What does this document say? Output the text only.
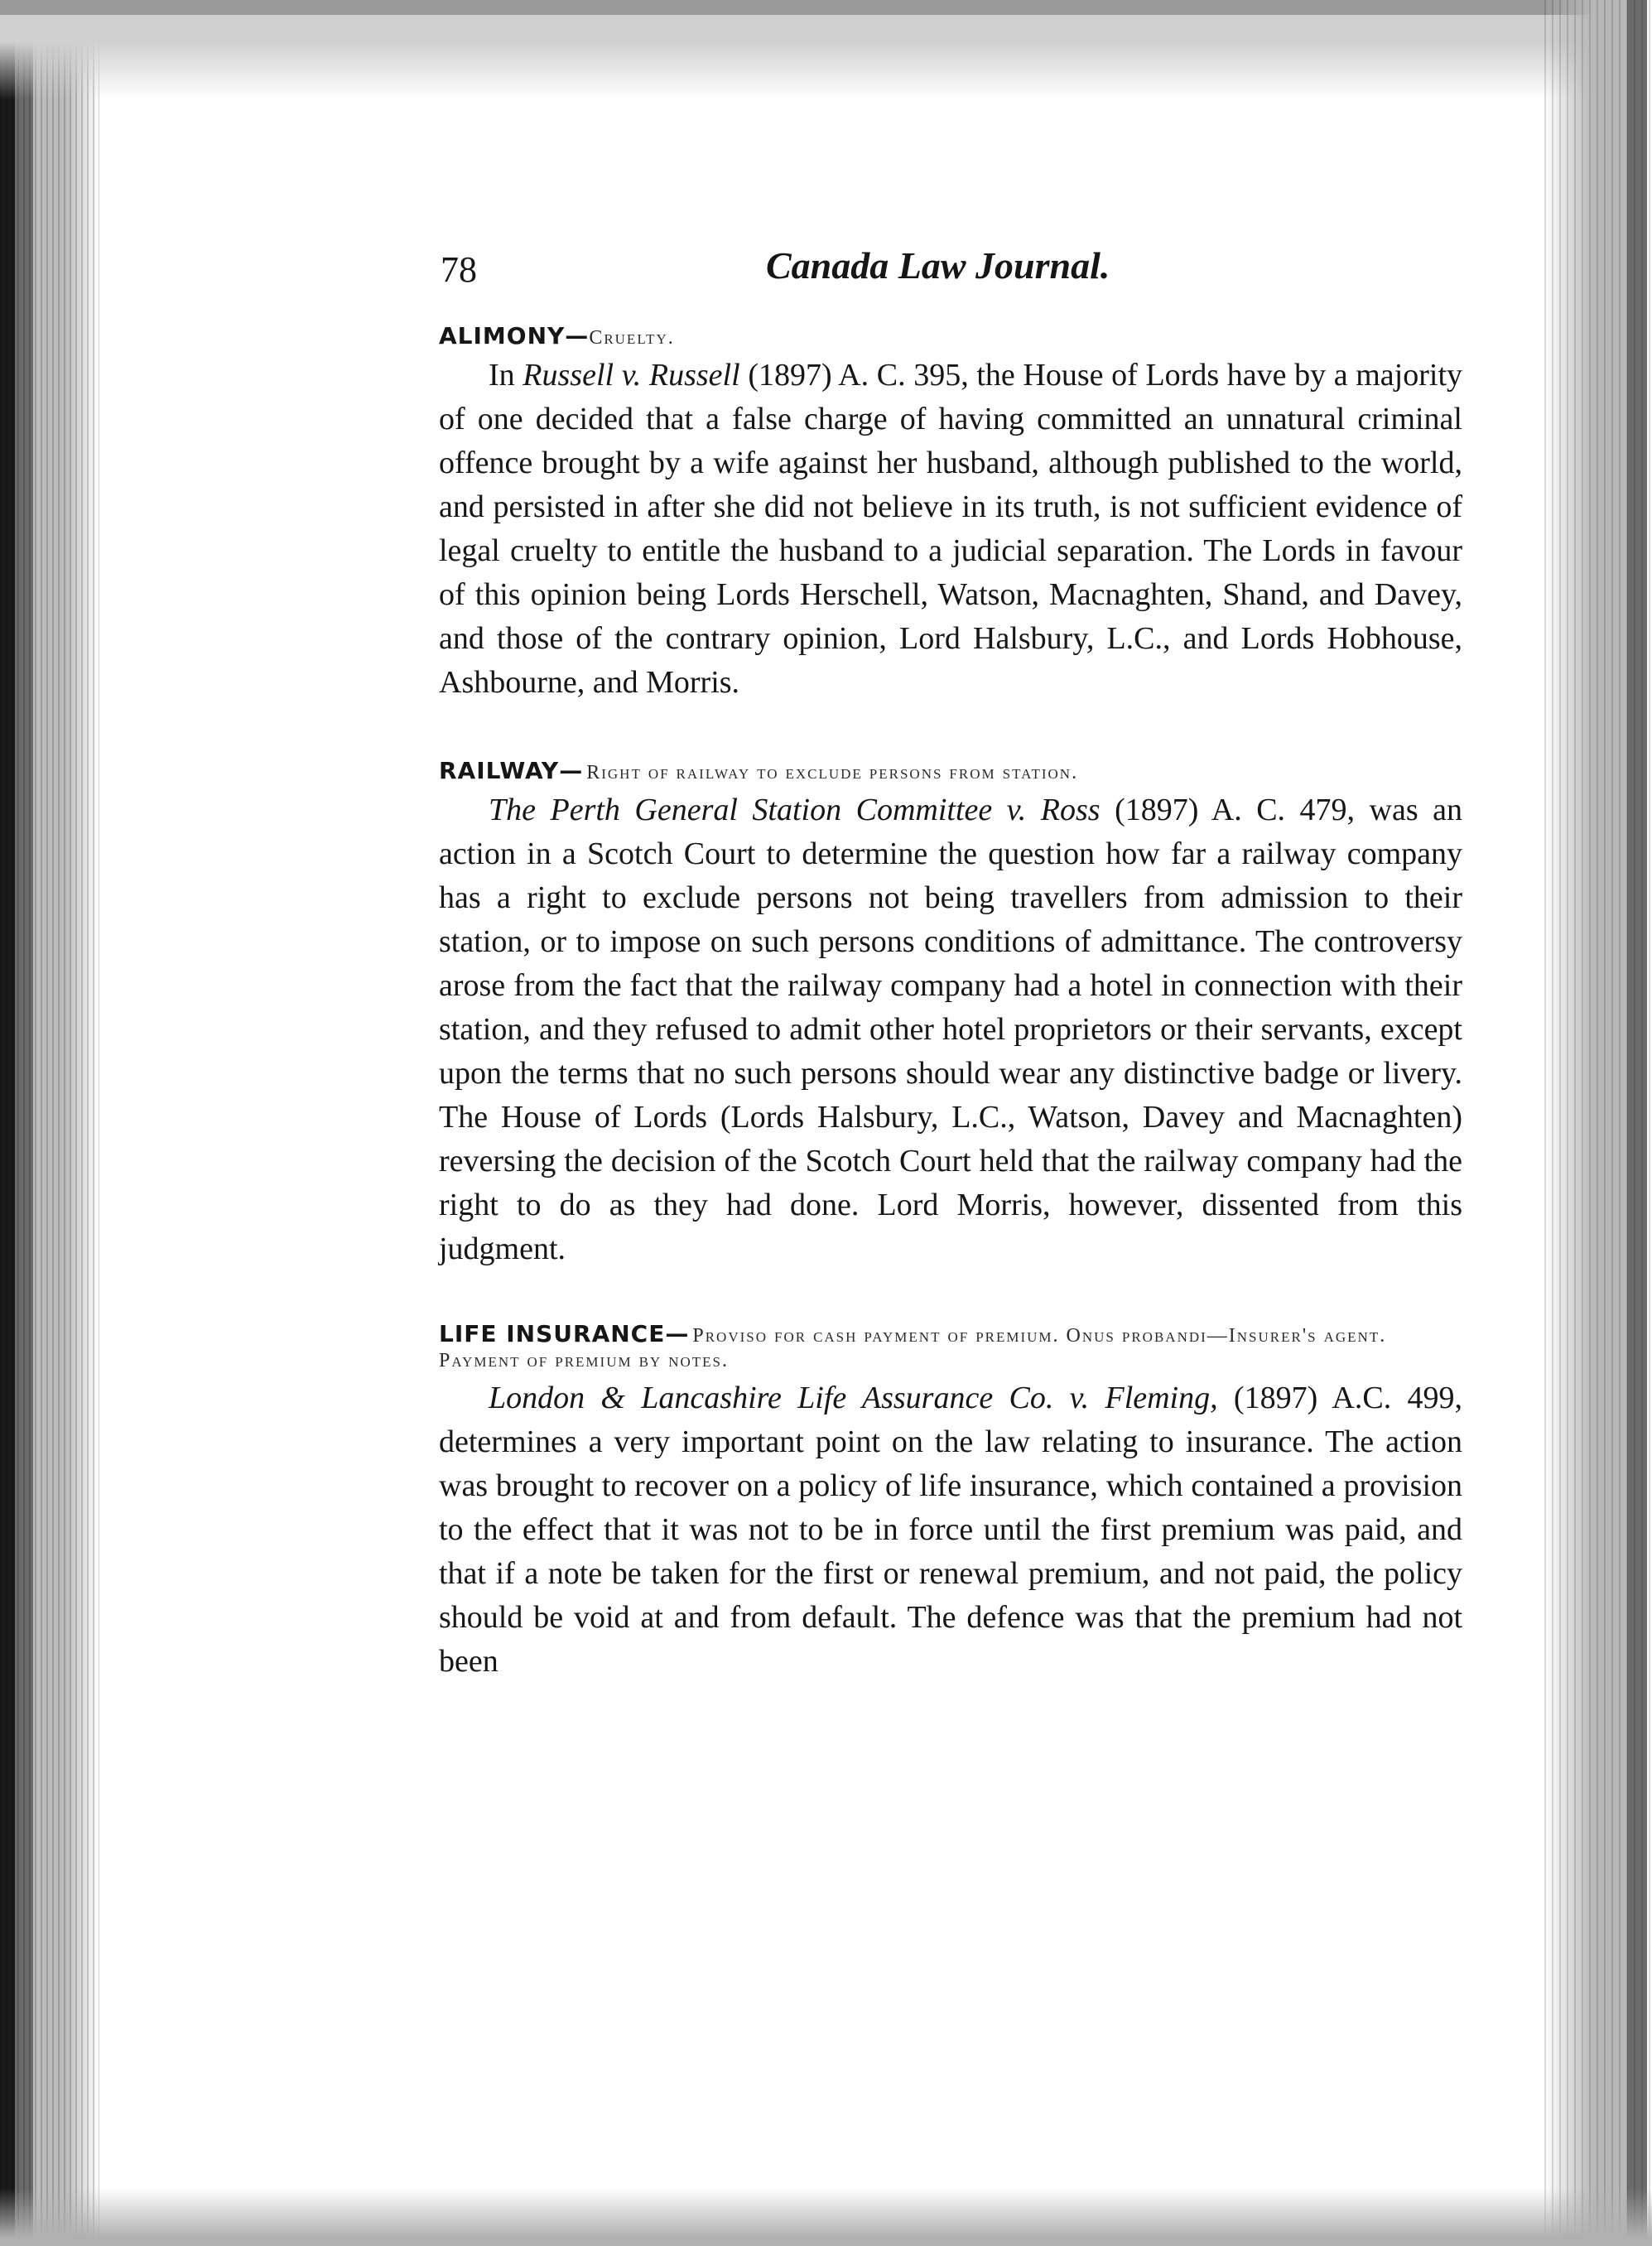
78	Canada Law Journal.
ALIMONY—Cruelty.

In Russell v. Russell (1897) A. C. 395, the House of Lords have by a majority of one decided that a false charge of having committed an unnatural criminal offence brought by a wife against her husband, although published to the world, and persisted in after she did not believe in its truth, is not sufficient evidence of legal cruelty to entitle the husband to a judicial separation. The Lords in favour of this opinion being Lords Herschell, Watson, Macnaghten, Shand, and Davey, and those of the contrary opinion, Lord Halsbury, L.C., and Lords Hobhouse, Ashbourne, and Morris.

RAILWAY— Right of railway to exclude persons from station.

The Perth General Station Committee v. Ross (1897) A. C. 479, was an action in a Scotch Court to determine the question how far a railway company has a right to exclude persons not being travellers from admission to their station, or to impose on such persons conditions of admittance. The controversy arose from the fact that the railway company had a hotel in connection with their station, and they refused to admit other hotel proprietors or their servants, except upon the terms that no such persons should wear any distinctive badge or livery. The House of Lords (Lords Halsbury, L.C., Watson, Davey and Macnaghten) reversing the decision of the Scotch Court held that the railway company had the right to do as they had done. Lord Morris, however, dissented from this judgment.

LIFE INSURANCE— Proviso for cash payment of premium. Onus probandi—Insurer's agent. Payment of premium by notes.

London & Lancashire Life Assurance Co. v. Fleming, (1897) A.C. 499, determines a very important point on the law relating to insurance. The action was brought to recover on a policy of life insurance, which contained a provision to the effect that it was not to be in force until the first premium was paid, and that if a note be taken for the first or renewal premium, and not paid, the policy should be void at and from default. The defence was that the premium had not been
